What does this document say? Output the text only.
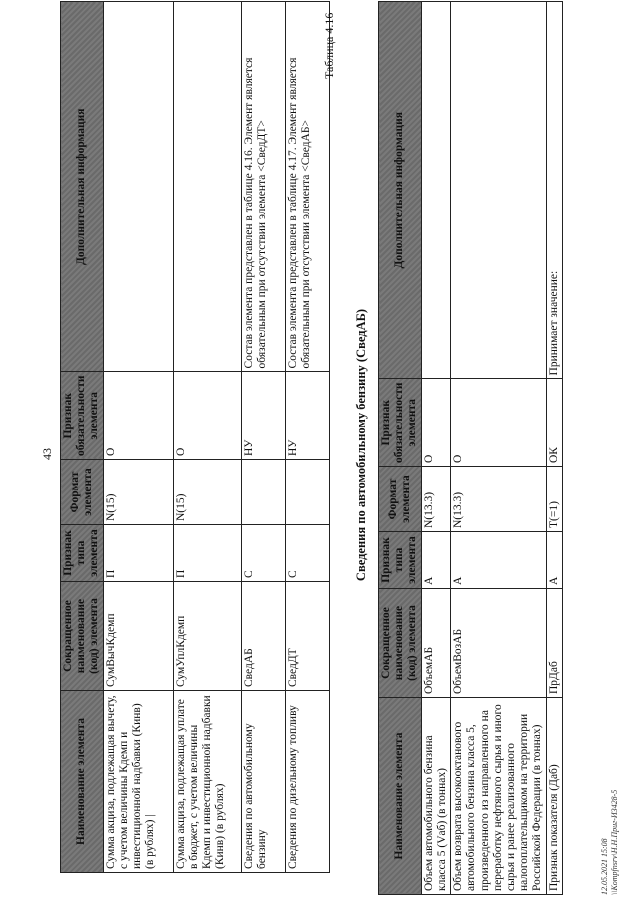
43
Наименование элемента	Сокращенное наименование (код) элемента	Признак типа элемента	Формат элемента	Признак обязательности элемента	Дополнительная информация
Сумма акциза, подлежащая вычету, с учетом величины Кдемп и инвестиционной надбавки (Кинв) (в рублях) |	СумВычКдемп	П	N(15)	О	
Сумма акциза, подлежащая уплате в бюджет, с учетом величины Кдемп и инвестиционной надбавки (Кинв) (в рублях)	СумУплКдемп	П	N(15)	О	
Сведения по автомобильному бензину	СведАБ	С		НУ	Состав элемента представлен в таблице 4.16. Элемент является обязательным при отсутствии элемента <СведДТ>
Сведения по дизельному топливу	СведДТ	С		НУ	Состав элемента представлен в таблице 4.17. Элемент является обязательным при отсутствии элемента <СведАБ>
Таблица 4.16
Сведения по автомобильному бензину (СведАБ)
Наименование элемента	Сокращенное наименование (код) элемента	Признак типа элемента	Формат элемента	Признак обязательности элемента	Дополнительная информация
Объем автомобильного бензина класса 5 (Vаб) (в тоннах)	ОбъемАБ	А	N(13.3)	О	
Объем возврата высокооктанового автомобильного бензина класса 5, произведенного из направленного на переработку нефтяного сырья и иного сырья и ранее реализованного налогоплательщиком на территории Российской Федерации (в тоннах)	ОбъемВозАБ	А	N(13.3)	О	
Признак показателя (Даб)	ПрДаб	А	T(=1)	ОК	Принимает значение:
12.05.2021 15:08 \\Kompfnsrv\Н.Н.Приг-ИЗ428-5
